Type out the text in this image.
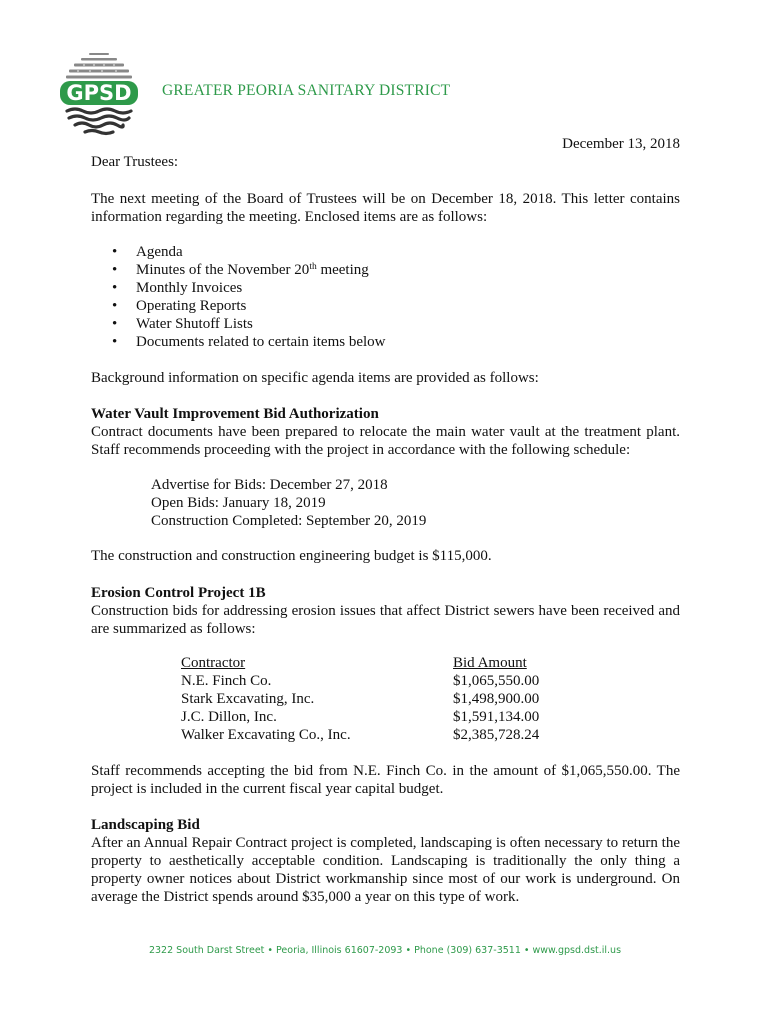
GPSD GREATER PEORIA SANITARY DISTRICT
December 13, 2018
Dear Trustees:
The next meeting of the Board of Trustees will be on December 18, 2018. This letter contains information regarding the meeting. Enclosed items are as follows:
• Agenda
• Minutes of the November 20th meeting
• Monthly Invoices
• Operating Reports
• Water Shutoff Lists
• Documents related to certain items below
Background information on specific agenda items are provided as follows:
Water Vault Improvement Bid Authorization
Contract documents have been prepared to relocate the main water vault at the treatment plant. Staff recommends proceeding with the project in accordance with the following schedule:
Advertise for Bids: December 27, 2018
Open Bids: January 18, 2019
Construction Completed: September 20, 2019
The construction and construction engineering budget is $115,000.
Erosion Control Project 1B
Construction bids for addressing erosion issues that affect District sewers have been received and are summarized as follows:
Contractor	Bid Amount
N.E. Finch Co.	$1,065,550.00
Stark Excavating, Inc.	$1,498,900.00
J.C. Dillon, Inc.	$1,591,134.00
Walker Excavating Co., Inc.	$2,385,728.24
Staff recommends accepting the bid from N.E. Finch Co. in the amount of $1,065,550.00. The project is included in the current fiscal year capital budget.
Landscaping Bid
After an Annual Repair Contract project is completed, landscaping is often necessary to return the property to aesthetically acceptable condition. Landscaping is traditionally the only thing a property owner notices about District workmanship since most of our work is underground. On average the District spends around $35,000 a year on this type of work.
2322 South Darst Street • Peoria, Illinois 61607-2093 • Phone (309) 637-3511 • www.gpsd.dst.il.us
